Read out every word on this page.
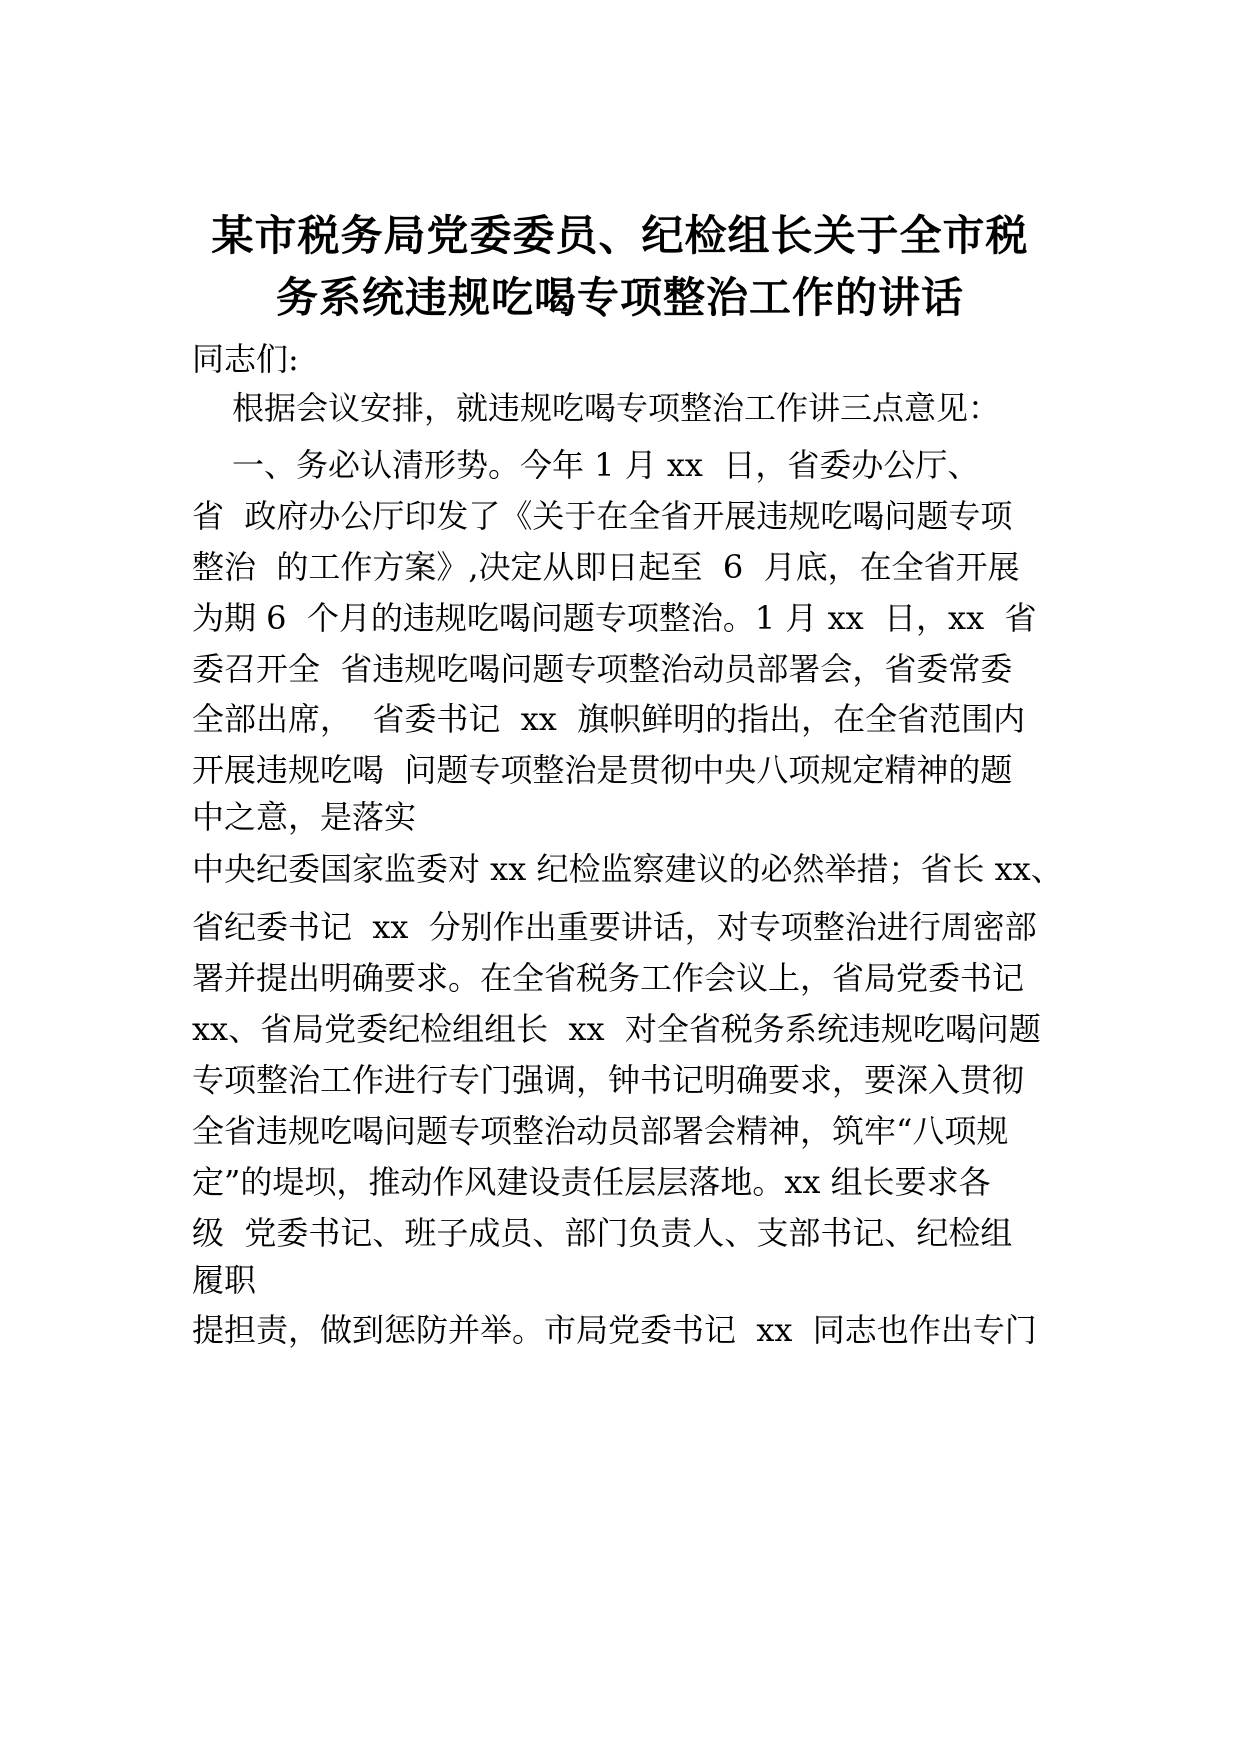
某市税务局党委委员、纪检组长关于全市税
务系统违规吃喝专项整治工作的讲话

同志们:

根据会议安排，就违规吃喝专项整治工作讲三点意见：

一、务必认清形势。今年 1 月 xx  日，省委办公厅、

省  政府办公厅印发了《关于在全省开展违规吃喝问题专项

整治  的工作方案》,决定从即日起至  6  月底，在全省开展

为期 6  个月的违规吃喝问题专项整治。1 月 xx  日，xx  省

委召开全  省违规吃喝问题专项整治动员部署会，省委常委

全部出席，  省委书记  xx  旗帜鲜明的指出，在全省范围内

开展违规吃喝  问题专项整治是贯彻中央八项规定精神的题

中之意，是落实

中央纪委国家监委对 xx 纪检监察建议的必然举措；省长 xx、

省纪委书记  xx  分别作出重要讲话，对专项整治进行周密部

署并提出明确要求。在全省税务工作会议上，省局党委书记

xx、省局党委纪检组组长  xx  对全省税务系统违规吃喝问题

专项整治工作进行专门强调，钟书记明确要求，要深入贯彻

全省违规吃喝问题专项整治动员部署会精神，筑牢“八项规

定”的堤坝，推动作风建设责任层层落地。xx 组长要求各

级  党委书记、班子成员、部门负责人、支部书记、纪检组

履职

提担责，做到惩防并举。市局党委书记  xx  同志也作出专门
